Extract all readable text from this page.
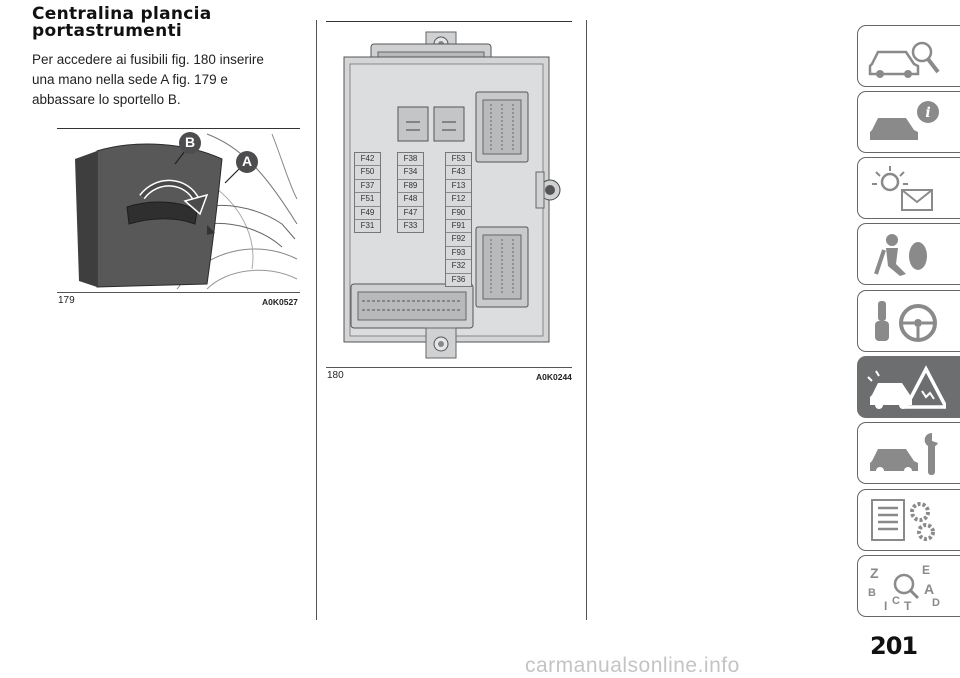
Centralina plancia
portastrumenti
Per accedere ai fusibili fig. 180 inserire
una mano nella sede A fig. 179 e
abbassare lo sportello B.
B
A
179	A0K0527
F42
F50
F37
F51
F49
F31
F38
F34
F89
F48
F47
F33
F53
F43
F13
F12
F90
F91
F92
F93
F32
F36
180	A0K0244
i
Z	E
B	A
I C T D
201
carmanualsonline.info
